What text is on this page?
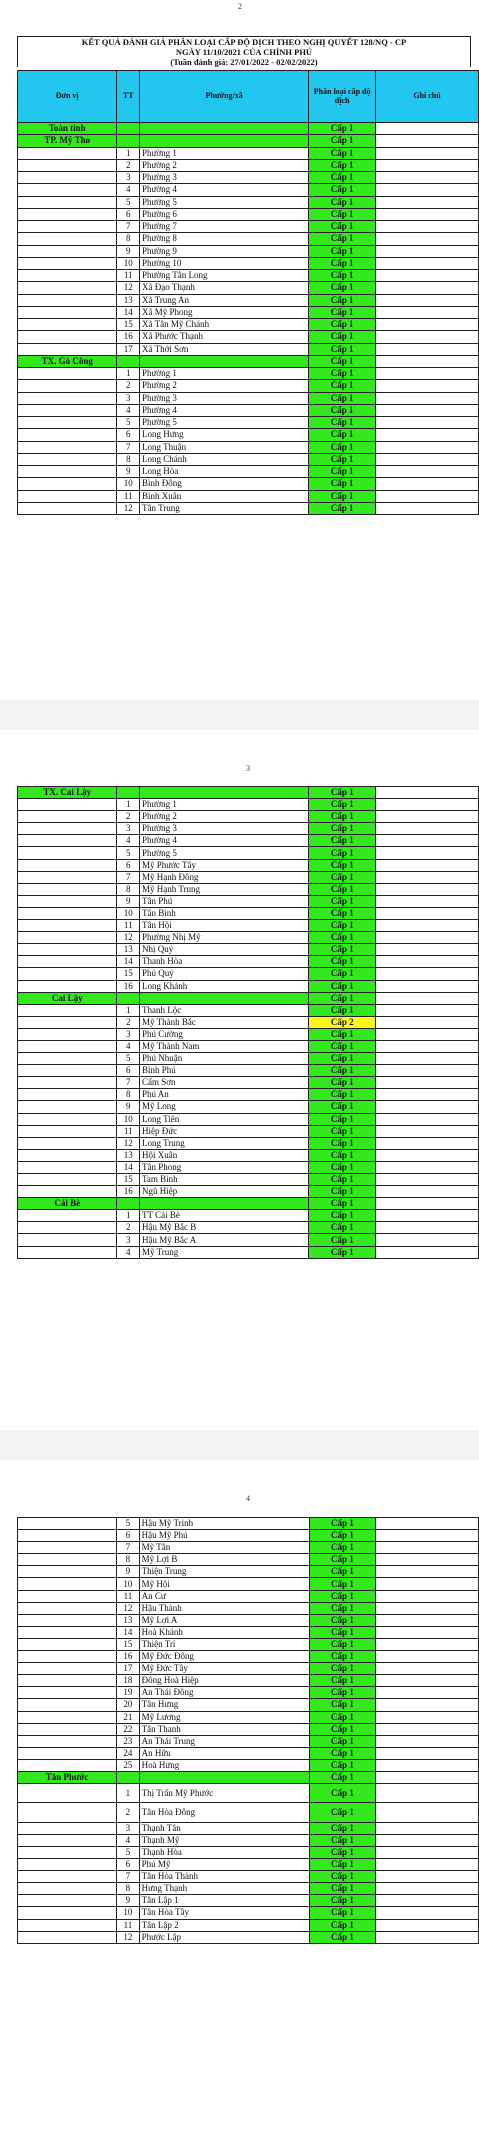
2
KẾT QUẢ ĐÁNH GIÁ PHÂN LOẠI CẤP ĐỘ DỊCH THEO NGHỊ QUYẾT 128/NQ - CP
NGÀY 11/10/2021 CỦA CHÍNH PHỦ
(Tuần đánh giá: 27/01/2022 - 02/02/2022)
Đơn vị	TT	Phường/xã	Phân loại cấp độ dịch	Ghi chú
Toàn tỉnh			Cấp 1	
TP. Mỹ Tho			Cấp 1	
	1	Phường 1	Cấp 1	
	2	Phường 2	Cấp 1	
	3	Phường 3	Cấp 1	
	4	Phường 4	Cấp 1	
	5	Phường 5	Cấp 1	
	6	Phường 6	Cấp 1	
	7	Phường 7	Cấp 1	
	8	Phường 8	Cấp 1	
	9	Phường 9	Cấp 1	
	10	Phường 10	Cấp 1	
	11	Phường Tân Long	Cấp 1	
	12	Xã Đạo Thạnh	Cấp 1	
	13	Xã Trung An	Cấp 1	
	14	Xã Mỹ Phong	Cấp 1	
	15	Xã Tân Mỹ Chánh	Cấp 1	
	16	Xã Phước Thạnh	Cấp 1	
	17	Xã Thới Sơn	Cấp 1	
TX. Gò Công			Cấp 1	
	1	Phường 1	Cấp 1	
	2	Phường 2	Cấp 1	
	3	Phường 3	Cấp 1	
	4	Phường 4	Cấp 1	
	5	Phường 5	Cấp 1	
	6	Long Hưng	Cấp 1	
	7	Long Thuận	Cấp 1	
	8	Long Chánh	Cấp 1	
	9	Long Hòa	Cấp 1	
	10	Bình Đông	Cấp 1	
	11	Bình Xuân	Cấp 1	
	12	Tân Trung	Cấp 1	
3
TX. Cai Lậy			Cấp 1	
	1	Phường 1	Cấp 1	
	2	Phường 2	Cấp 1	
	3	Phường 3	Cấp 1	
	4	Phường 4	Cấp 1	
	5	Phường 5	Cấp 1	
	6	Mỹ Phước Tây	Cấp 1	
	7	Mỹ Hạnh Đông	Cấp 1	
	8	Mỹ Hạnh Trung	Cấp 1	
	9	Tân Phú	Cấp 1	
	10	Tân Bình	Cấp 1	
	11	Tân Hội	Cấp 1	
	12	Phường Nhị Mỹ	Cấp 1	
	13	Nhị Quý	Cấp 1	
	14	Thanh Hòa	Cấp 1	
	15	Phú Quý	Cấp 1	
	16	Long Khánh	Cấp 1	
Cai Lậy			Cấp 1	
	1	Thanh Lộc	Cấp 1	
	2	Mỹ Thành Bắc	Cấp 2	
	3	Phú Cường	Cấp 1	
	4	Mỹ Thành Nam	Cấp 1	
	5	Phú Nhuận	Cấp 1	
	6	Bình Phú	Cấp 1	
	7	Cẩm Sơn	Cấp 1	
	8	Phú An	Cấp 1	
	9	Mỹ Long	Cấp 1	
	10	Long Tiên	Cấp 1	
	11	Hiệp Đức	Cấp 1	
	12	Long Trung	Cấp 1	
	13	Hội Xuân	Cấp 1	
	14	Tân Phong	Cấp 1	
	15	Tam Bình	Cấp 1	
	16	Ngũ Hiệp	Cấp 1	
Cái Bè			Cấp 1	
	1	TT Cái Bè	Cấp 1	
	2	Hậu Mỹ Bắc B	Cấp 1	
	3	Hậu Mỹ Bắc A	Cấp 1	
	4	Mỹ Trung	Cấp 1	
4
	5	Hậu Mỹ Trinh	Cấp 1	
	6	Hậu Mỹ Phú	Cấp 1	
	7	Mỹ Tân	Cấp 1	
	8	Mỹ Lợi B	Cấp 1	
	9	Thiện Trung	Cấp 1	
	10	Mỹ Hội	Cấp 1	
	11	An Cư	Cấp 1	
	12	Hậu Thành	Cấp 1	
	13	Mỹ Lợi A	Cấp 1	
	14	Hoà Khánh	Cấp 1	
	15	Thiện Trí	Cấp 1	
	16	Mỹ Đức Đông	Cấp 1	
	17	Mỹ Đức Tây	Cấp 1	
	18	Đông Hoà Hiệp	Cấp 1	
	19	An Thái Đông	Cấp 1	
	20	Tân Hưng	Cấp 1	
	21	Mỹ Lương	Cấp 1	
	22	Tân Thanh	Cấp 1	
	23	An Thái Trung	Cấp 1	
	24	An Hữu	Cấp 1	
	25	Hoà Hưng	Cấp 1	
Tân Phước			Cấp 1	
	1	Thị Trấn Mỹ Phước	Cấp 1	
	2	Tân Hòa Đông	Cấp 1	
	3	Thạnh Tân	Cấp 1	
	4	Thạnh Mỹ	Cấp 1	
	5	Thạnh Hòa	Cấp 1	
	6	Phú Mỹ	Cấp 1	
	7	Tân Hòa Thành	Cấp 1	
	8	Hưng Thạnh	Cấp 1	
	9	Tân Lập 1	Cấp 1	
	10	Tân Hòa Tây	Cấp 1	
	11	Tân Lập 2	Cấp 1	
	12	Phước Lập	Cấp 1	
